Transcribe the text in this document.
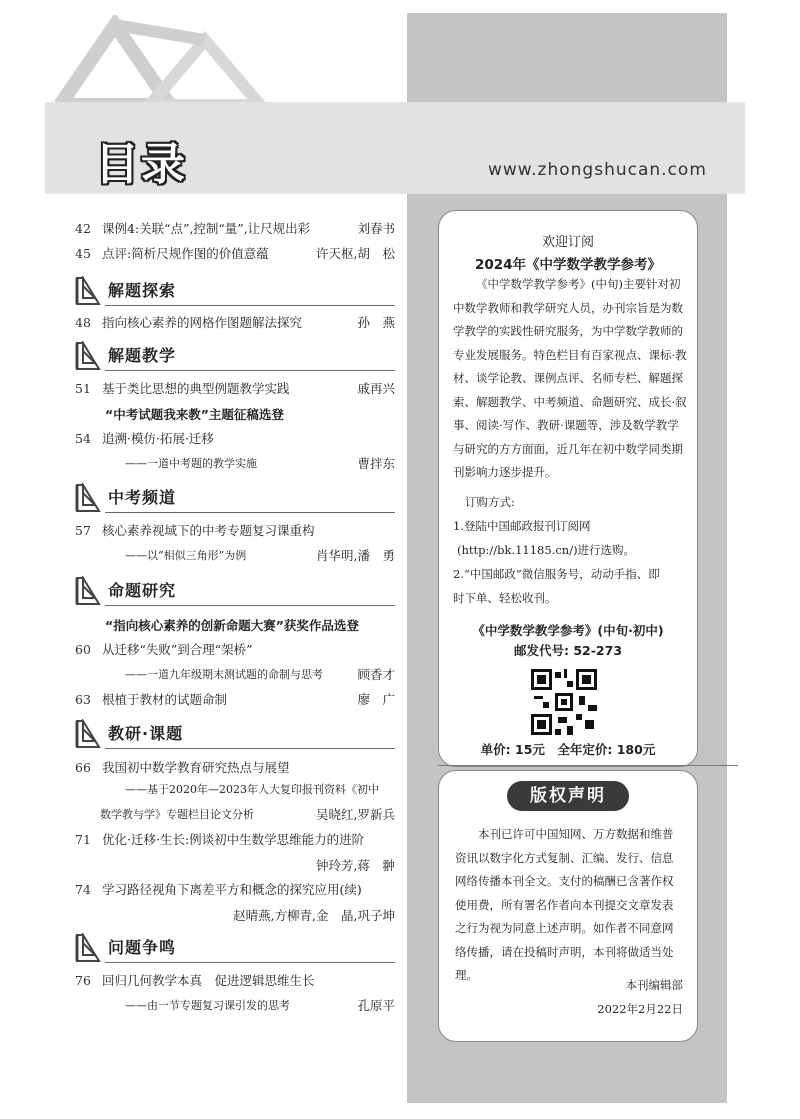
目录	www.zhongshucan.com
42 课例4:关联“点”,控制“量”,让尺规出彩	刘春书
45 点评:简析尺规作图的价值意蕴	许天枢,胡　松
解题探索
48 指向核心素养的网格作图题解法探究	孙　燕
解题教学
51 基于类比思想的典型例题教学实践	戚再兴
“中考试题我来教”主题征稿选登
54 追溯·模仿·拓展·迁移
——一道中考题的教学实施	曹拌东
中考频道
57 核心素养视域下的中考专题复习课重构
——以“相似三角形”为例	肖华明,潘　勇
命题研究
“指向核心素养的创新命题大赛”获奖作品选登
60 从迁移“失败”到合理“架桥”
——一道九年级期末测试题的命制与思考	顾香才
63 根植于教材的试题命制	廖　广
教研·课题
66 我国初中数学教育研究热点与展望
——基于2020年—2023年人大复印报刊资料《初中
数学教与学》专题栏目论文分析	吴晓红,罗新兵
71 优化·迁移·生长:例谈初中生数学思维能力的进阶
钟玲芳,蒋　翀
74 学习路径视角下离差平方和概念的探究应用(续)
赵晴燕,方柳青,金　晶,巩子坤
问题争鸣
76 回归几何教学本真　促进逻辑思维生长
——由一节专题复习课引发的思考	孔原平
欢迎订阅
2024年《中学数学教学参考》
《中学数学教学参考》(中旬)主要针对初中数学教师和教学研究人员，办刊宗旨是为数学教学的实践性研究服务，为中学数学教师的专业发展服务。特色栏目有百家视点、课标·教材、谈学论教、课例点评、名师专栏、解题探索、解题教学、中考频道、命题研究、成长·叙事、阅读·写作、教研·课题等，涉及数学教学与研究的方方面面，近几年在初中数学同类期刊影响力逐步提升。
订购方式:
1.登陆中国邮政报刊订阅网
(http://bk.11185.cn/)进行选购。
2.“中国邮政”微信服务号，动动手指、即
时下单、轻松收刊。
《中学数学教学参考》(中旬·初中)
邮发代号: 52-273
单价: 15元　全年定价: 180元
版权声明
本刊已许可中国知网、万方数据和维普资讯以数字化方式复制、汇编、发行、信息网络传播本刊全文。支付的稿酬已含著作权使用费，所有署名作者向本刊提交文章发表之行为视为同意上述声明。如作者不同意网络传播，请在投稿时声明，本刊将做适当处理。
本刊编辑部
2022年2月22日
